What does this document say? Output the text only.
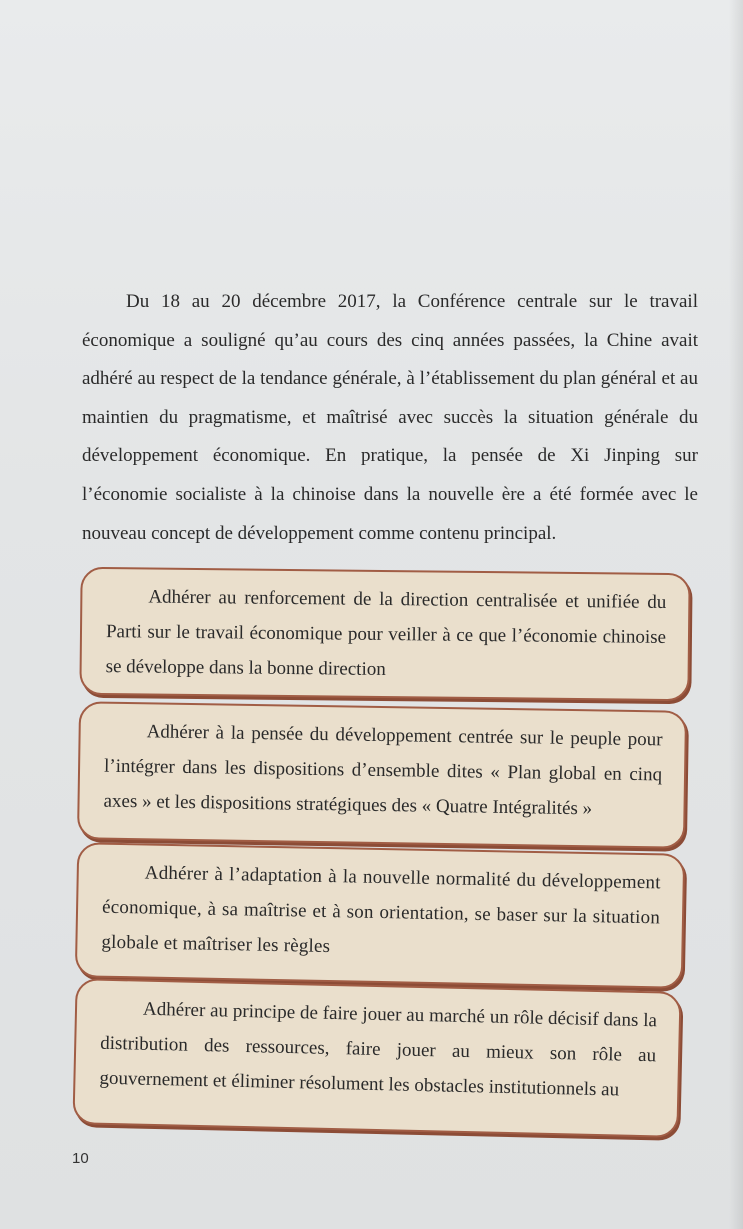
Du 18 au 20 décembre 2017, la Conférence centrale sur le travail économique a souligné qu’au cours des cinq années passées, la Chine avait adhéré au respect de la tendance générale, à l’établissement du plan général et au maintien du pragmatisme, et maîtrisé avec succès la situation générale du développement économique. En pratique, la pensée de Xi Jinping sur l’économie socialiste à la chinoise dans la nouvelle ère a été formée avec le nouveau concept de développement comme contenu principal.

Adhérer au renforcement de la direction centralisée et unifiée du Parti sur le travail économique pour veiller à ce que l’économie chinoise se développe dans la bonne direction

Adhérer à la pensée du développement centrée sur le peuple pour l’intégrer dans les dispositions d’ensemble dites « Plan global en cinq axes » et les dispositions stratégiques des « Quatre Intégralités »

Adhérer à l’adaptation à la nouvelle normalité du développement économique, à sa maîtrise et à son orientation, se baser sur la situation globale et maîtriser les règles

Adhérer au principe de faire jouer au marché un rôle décisif dans la distribution des ressources, faire jouer au mieux son rôle au gouvernement et éliminer résolument les obstacles institutionnels au

10
